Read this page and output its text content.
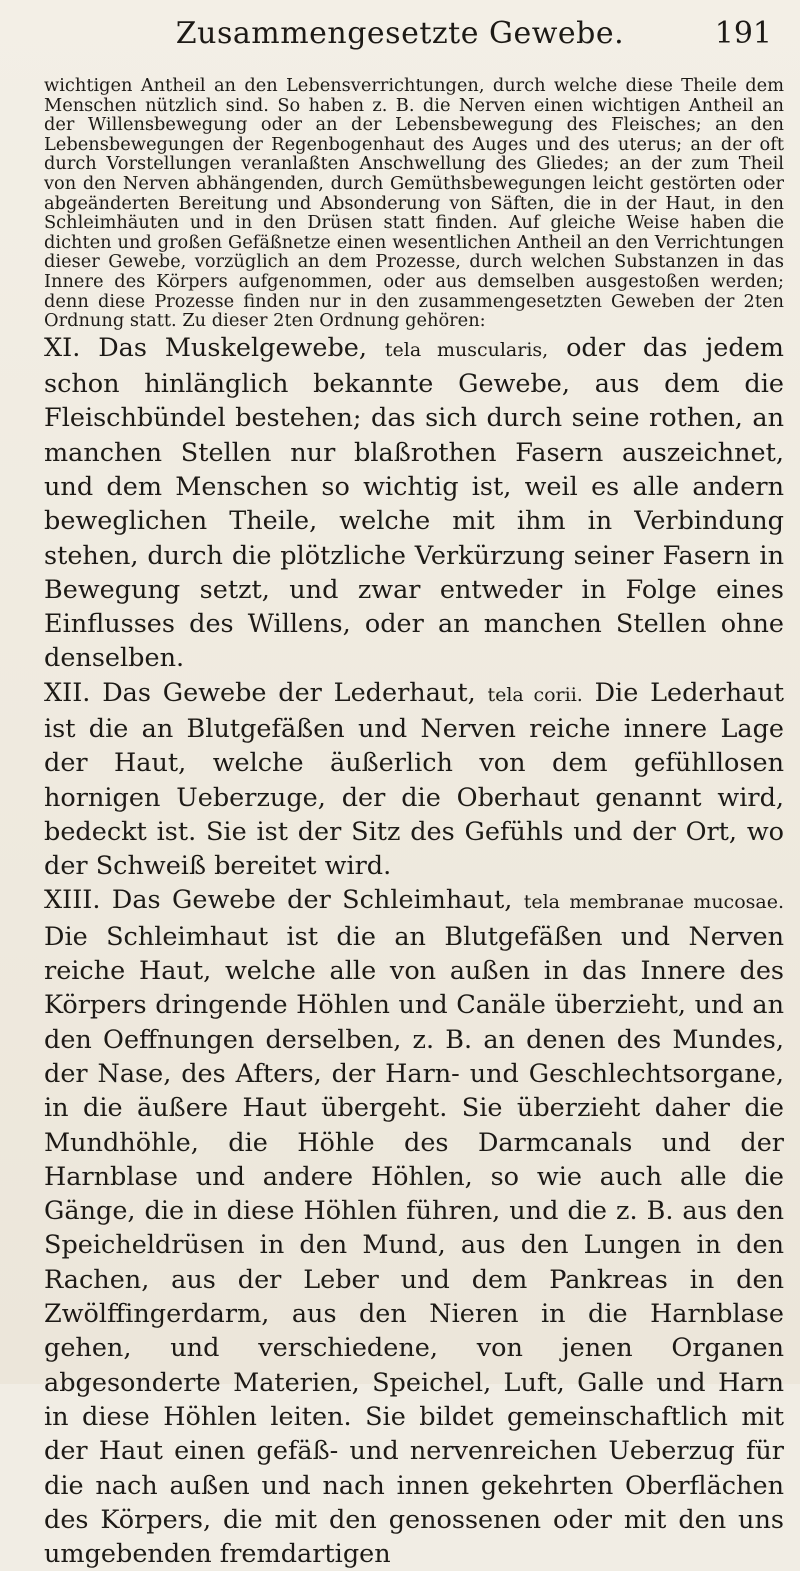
Zusammengesetzte Gewebe.	191

wichtigen Antheil an den Lebensverrichtungen, durch welche diese Theile dem Menschen nützlich sind. So haben z. B. die Nerven einen wichtigen Antheil an der Willensbewegung oder an der Lebensbewegung des Fleisches; an den Lebensbewegungen der Regenbogenhaut des Auges und des uterus; an der oft durch Vorstellungen veranlaßten Anschwellung des Gliedes; an der zum Theil von den Nerven abhängenden, durch Gemüthsbewegungen leicht gestörten oder abgeänderten Bereitung und Absonderung von Säften, die in der Haut, in den Schleimhäuten und in den Drüsen statt finden. Auf gleiche Weise haben die dichten und großen Gefäßnetze einen wesentlichen Antheil an den Verrichtungen dieser Gewebe, vorzüglich an dem Prozesse, durch welchen Substanzen in das Innere des Körpers aufgenommen, oder aus demselben ausgestoßen werden; denn diese Prozesse finden nur in den zusammengesetzten Geweben der 2ten Ordnung statt. Zu dieser 2ten Ordnung gehören:

XI. Das Muskelgewebe, tela muscularis, oder das jedem schon hinlänglich bekannte Gewebe, aus dem die Fleischbündel bestehen; das sich durch seine rothen, an manchen Stellen nur blaßrothen Fasern auszeichnet, und dem Menschen so wichtig ist, weil es alle andern beweglichen Theile, welche mit ihm in Verbindung stehen, durch die plötzliche Verkürzung seiner Fasern in Bewegung setzt, und zwar entweder in Folge eines Einflusses des Willens, oder an manchen Stellen ohne denselben.

XII. Das Gewebe der Lederhaut, tela corii. Die Lederhaut ist die an Blutgefäßen und Nerven reiche innere Lage der Haut, welche äußerlich von dem gefühllosen hornigen Ueberzuge, der die Oberhaut genannt wird, bedeckt ist. Sie ist der Sitz des Gefühls und der Ort, wo der Schweiß bereitet wird.

XIII. Das Gewebe der Schleimhaut, tela membranae mucosae. Die Schleimhaut ist die an Blutgefäßen und Nerven reiche Haut, welche alle von außen in das Innere des Körpers dringende Höhlen und Canäle überzieht, und an den Oeffnungen derselben, z. B. an denen des Mundes, der Nase, des Afters, der Harn- und Geschlechtsorgane, in die äußere Haut übergeht. Sie überzieht daher die Mundhöhle, die Höhle des Darmcanals und der Harnblase und andere Höhlen, so wie auch alle die Gänge, die in diese Höhlen führen, und die z. B. aus den Speicheldrüsen in den Mund, aus den Lungen in den Rachen, aus der Leber und dem Pankreas in den Zwölffingerdarm, aus den Nieren in die Harnblase gehen, und verschiedene, von jenen Organen abgesonderte Materien, Speichel, Luft, Galle und Harn in diese Höhlen leiten. Sie bildet gemeinschaftlich mit der Haut einen gefäß- und nervenreichen Ueberzug für die nach außen und nach innen gekehrten Oberflächen des Körpers, die mit den genossenen oder mit den uns umgebenden fremdartigen
